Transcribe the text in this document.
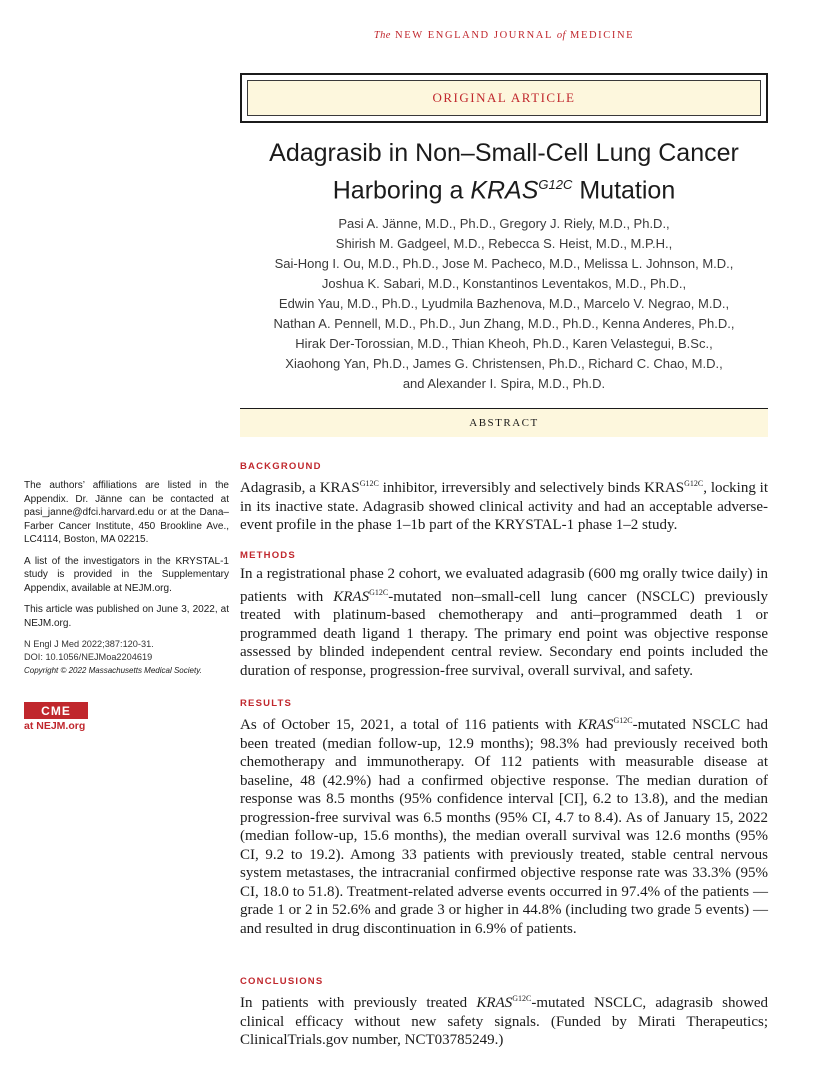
The NEW ENGLAND JOURNAL of MEDICINE
ORIGINAL ARTICLE
Adagrasib in Non–Small-Cell Lung Cancer
Harboring a $KRAS^{G12C}$ Mutation
Pasi A. Jänne, M.D., Ph.D., Gregory J. Riely, M.D., Ph.D.,
Shirish M. Gadgeel, M.D., Rebecca S. Heist, M.D., M.P.H.,
Sai-Hong I. Ou, M.D., Ph.D., Jose M. Pacheco, M.D., Melissa L. Johnson, M.D.,
Joshua K. Sabari, M.D., Konstantinos Leventakos, M.D., Ph.D.,
Edwin Yau, M.D., Ph.D., Lyudmila Bazhenova, M.D., Marcelo V. Negrao, M.D.,
Nathan A. Pennell, M.D., Ph.D., Jun Zhang, M.D., Ph.D., Kenna Anderes, Ph.D.,
Hirak Der-Torossian, M.D., Thian Kheoh, Ph.D., Karen Velastegui, B.Sc.,
Xiaohong Yan, Ph.D., James G. Christensen, Ph.D., Richard C. Chao, M.D.,
and Alexander I. Spira, M.D., Ph.D.
ABSTRACT
BACKGROUND

Adagrasib, a $KRAS^{G12C}$ inhibitor, irreversibly and selectively binds $KRAS^{G12C}$, locking it in its inactive state. Adagrasib showed clinical activity and had an acceptable adverse-event profile in the phase 1–1b part of the KRYSTAL-1 phase 1–2 study.

METHODS

In a registrational phase 2 cohort, we evaluated adagrasib (600 mg orally twice daily) in patients with $KRAS^{G12C}$-mutated non–small-cell lung cancer (NSCLC) previously treated with platinum-based chemotherapy and anti–programmed death 1 or programmed death ligand 1 therapy. The primary end point was objective response assessed by blinded independent central review. Secondary end points included the duration of response, progression-free survival, overall survival, and safety.

RESULTS

As of October 15, 2021, a total of 116 patients with $KRAS^{G12C}$-mutated NSCLC had been treated (median follow-up, 12.9 months); 98.3% had previously received both chemotherapy and immunotherapy. Of 112 patients with measurable disease at baseline, 48 (42.9%) had a confirmed objective response. The median duration of response was 8.5 months (95% confidence interval [CI], 6.2 to 13.8), and the median progression-free survival was 6.5 months (95% CI, 4.7 to 8.4). As of January 15, 2022 (median follow-up, 15.6 months), the median overall survival was 12.6 months (95% CI, 9.2 to 19.2). Among 33 patients with previously treated, stable central nervous system metastases, the intracranial confirmed objective response rate was 33.3% (95% CI, 18.0 to 51.8). Treatment-related adverse events occurred in 97.4% of the patients — grade 1 or 2 in 52.6% and grade 3 or higher in 44.8% (including two grade 5 events) — and resulted in drug discontinuation in 6.9% of patients.

CONCLUSIONS

In patients with previously treated $KRAS^{G12C}$-mutated NSCLC, adagrasib showed clinical efficacy without new safety signals. (Funded by Mirati Therapeutics; ClinicalTrials.gov number, NCT03785249.)

The authors’ affiliations are listed in the Appendix. Dr. Jänne can be contacted at pasi_janne@dfci.harvard.edu or at the Dana–Farber Cancer Institute, 450 Brookline Ave., LC4114, Boston, MA 02215.

A list of the investigators in the KRYSTAL-1 study is provided in the Supplementary Appendix, available at NEJM.org.

This article was published on June 3, 2022, at NEJM.org.

N Engl J Med 2022;387:120-31.
DOI: 10.1056/NEJMoa2204619
Copyright © 2022 Massachusetts Medical Society.
CME
at NEJM.org
